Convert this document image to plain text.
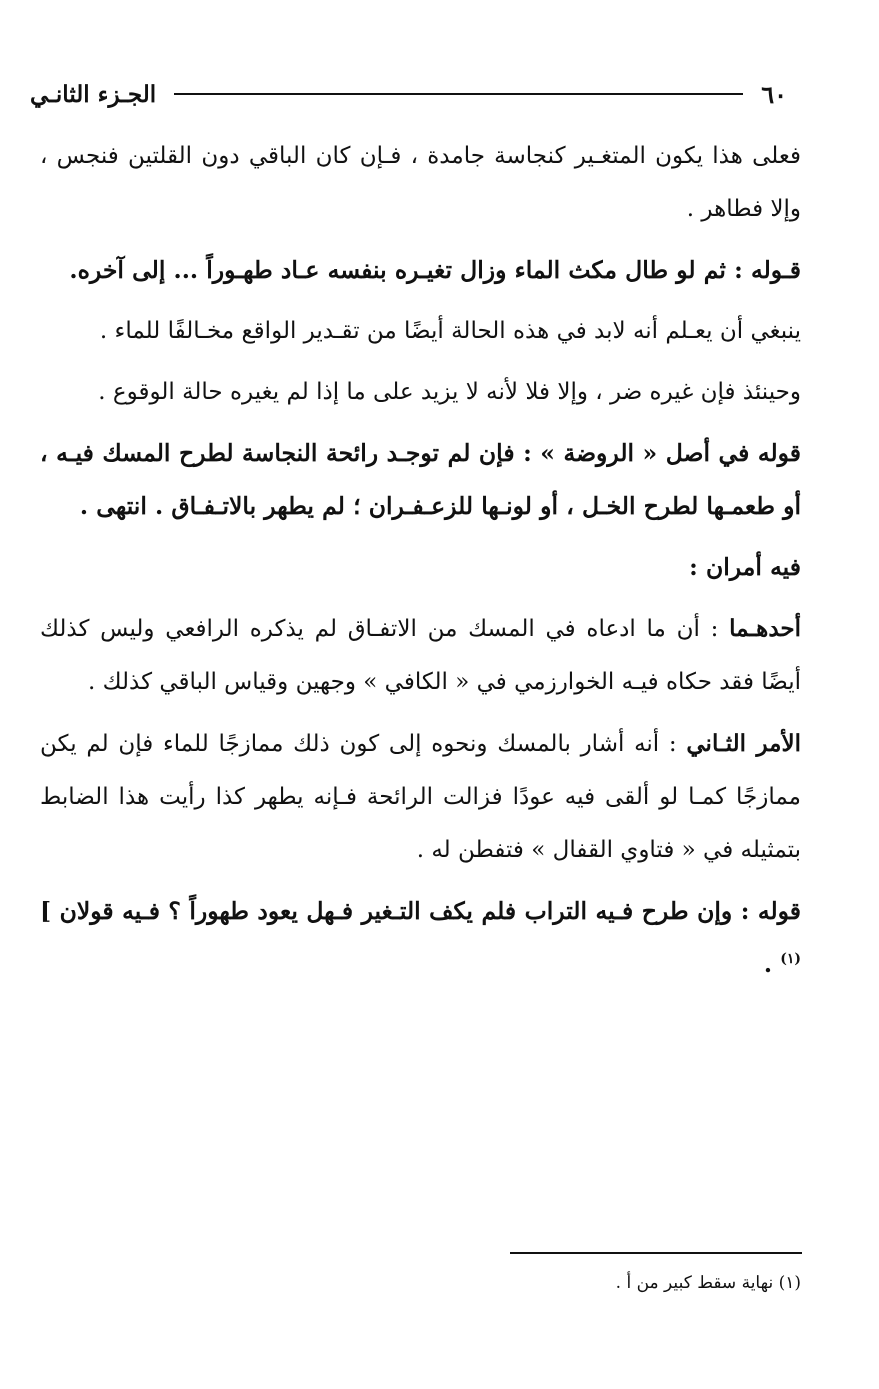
٦٠
الجـزء الثانـي

فعلى هذا يكون المتغـير كنجاسة جامدة ، فـإن كان الباقي دون القلتين فنجس ، وإلا فطاهر .

قـوله : ثم لو طال مكث الماء وزال تغيـره بنفسه عـاد طهـوراً ... إلى آخره.

ينبغي أن يعـلم أنه لابد في هذه الحالة أيضًا من تقـدير الواقع مخـالفًا للماء .

وحينئذ فإن غيره ضر ، وإلا فلا لأنه لا يزيد على ما إذا لم يغيره حالة الوقوع .

قوله في أصل « الروضة » : فإن لم توجـد رائحة النجاسة لطرح المسك فيـه ، أو طعمـها لطرح الخـل ، أو لونـها للزعـفـران ؛ لم يطهر بالاتـفـاق . انتهى .

فيه أمران :

أحدهـما : أن ما ادعاه في المسك من الاتفـاق لم يذكره الرافعي وليس كذلك أيضًا فقد حكاه فيـه الخوارزمي في « الكافي » وجهين وقياس الباقي كذلك .

الأمر الثـاني : أنه أشار بالمسك ونحوه إلى كون ذلك ممازجًا للماء فإن لم يكن ممازجًا كمـا لو ألقى فيه عودًا فزالت الرائحة فـإنه يطهر كذا رأيت هذا الضابط بتمثيله في « فتاوي القفال » فتفطن له .

قوله : وإن طرح فـيه التراب فلم يكف التـغير فـهل يعود طهوراً ؟ فـيه قولان ] $^{(١)}$ .

(١) نهاية سقط كبير من أ .
